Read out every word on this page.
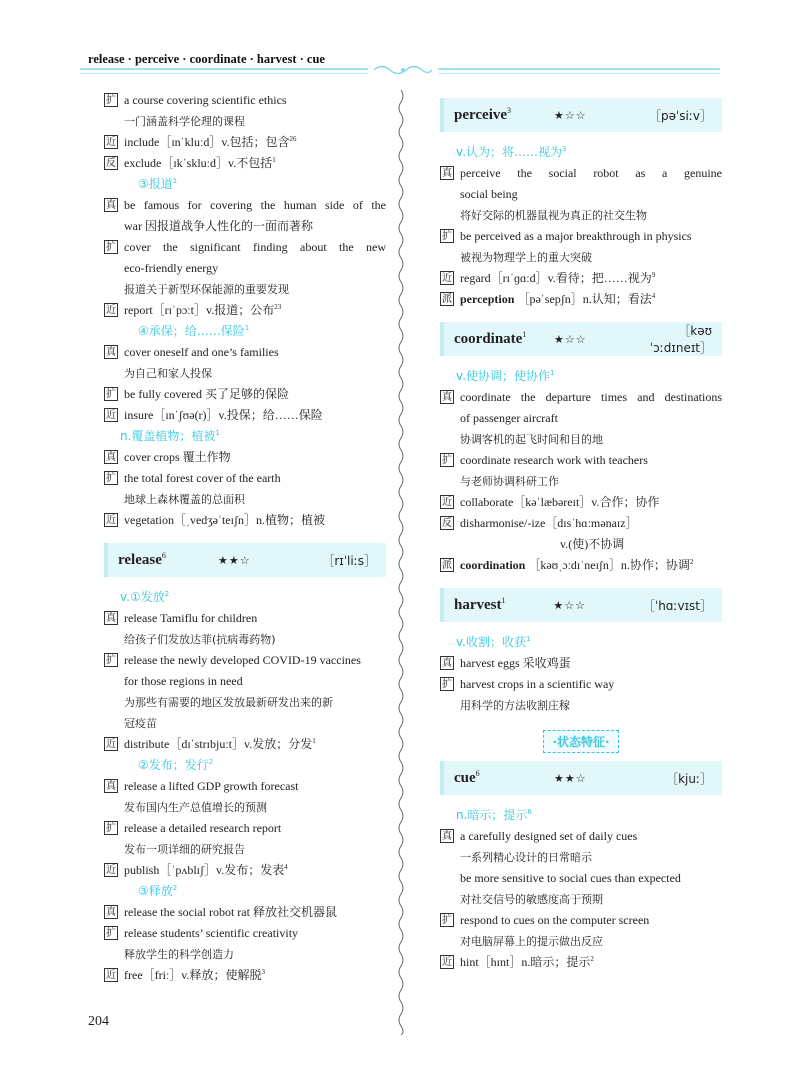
release · perceive · coordinate · harvest · cue
扩 a course covering scientific ethics
一门涵盖科学伦理的课程
近 include［ɪnˈkluːd］v.包括；包含$^{26}$
反 exclude［ɪkˈskluːd］v.不包括$^1$
③报道$^1$
真 be famous for covering the human side of the
war 因报道战争人性化的一面而著称
扩 cover the significant finding about the new
eco-friendly energy
报道关于新型环保能源的重要发现
近 report［rɪˈpɔːt］v.报道；公布$^{23}$
④承保；给……保险$^1$
真 cover oneself and one’s families
为自己和家人投保
扩 be fully covered 买了足够的保险
近 insure［ɪnˈʃʊə(r)］v.投保；给……保险
n.覆盖植物；植被$^1$
真 cover crops 覆土作物
扩 the total forest cover of the earth
地球上森林覆盖的总面积
近 vegetation［ˌvedʒəˈteɪʃn］n.植物；植被
release$^6$	★★☆	［rɪˈliːs］
v.①发放$^2$
真 release Tamiflu for children
给孩子们发放达菲(抗病毒药物)
扩 release the newly developed COVID-19 vaccines
for those regions in need
为那些有需要的地区发放最新研发出来的新
冠疫苗
近 distribute［dɪˈstrɪbjuːt］v.发放；分发$^1$
②发布；发行$^2$
真 release a lifted GDP growth forecast
发布国内生产总值增长的预测
扩 release a detailed research report
发布一项详细的研究报告
近 publish［ˈpʌblɪʃ］v.发布；发表$^4$
③释放$^2$
真 release the social robot rat 释放社交机器鼠
扩 release students’ scientific creativity
释放学生的科学创造力
近 free［friː］v.释放；使解脱$^3$
perceive$^3$	★☆☆	［pəˈsiːv］
v.认为；将……视为$^3$
真 perceive the social robot as a genuine
social being
将好交际的机器鼠视为真正的社交生物
扩 be perceived as a major breakthrough in physics
被视为物理学上的重大突破
近 regard［rɪˈɡɑːd］v.看待；把……视为$^9$
派 perception ［pəˈsepʃn］n.认知；看法$^4$
coordinate$^1$	★☆☆
［kəʊˈɔːdɪneɪt］
v.使协调；使协作$^1$
真 coordinate the departure times and destinations
of passenger aircraft
协调客机的起飞时间和目的地
扩 coordinate research work with teachers
与老师协调科研工作
近 collaborate［kəˈlæbəreɪt］v.合作；协作
反 disharmonise/-ize［dɪsˈhɑːmənaɪz］
v.(使)不协调
派 coordination ［kəʊˌɔːdɪˈneɪʃn］n.协作；协调$^2$
harvest$^1$	★☆☆	［ˈhɑːvɪst］
v.收割；收获$^1$
真 harvest eggs 采收鸡蛋
扩 harvest crops in a scientific way
用科学的方法收割庄稼
·状态特征·
cue$^6$	★★☆	［kjuː］
n.暗示；提示$^6$
真 a carefully designed set of daily cues
一系列精心设计的日常暗示
be more sensitive to social cues than expected
对社交信号的敏感度高于预期
扩 respond to cues on the computer screen
对电脑屏幕上的提示做出反应
近 hint［hɪnt］n.暗示；提示$^2$
204
